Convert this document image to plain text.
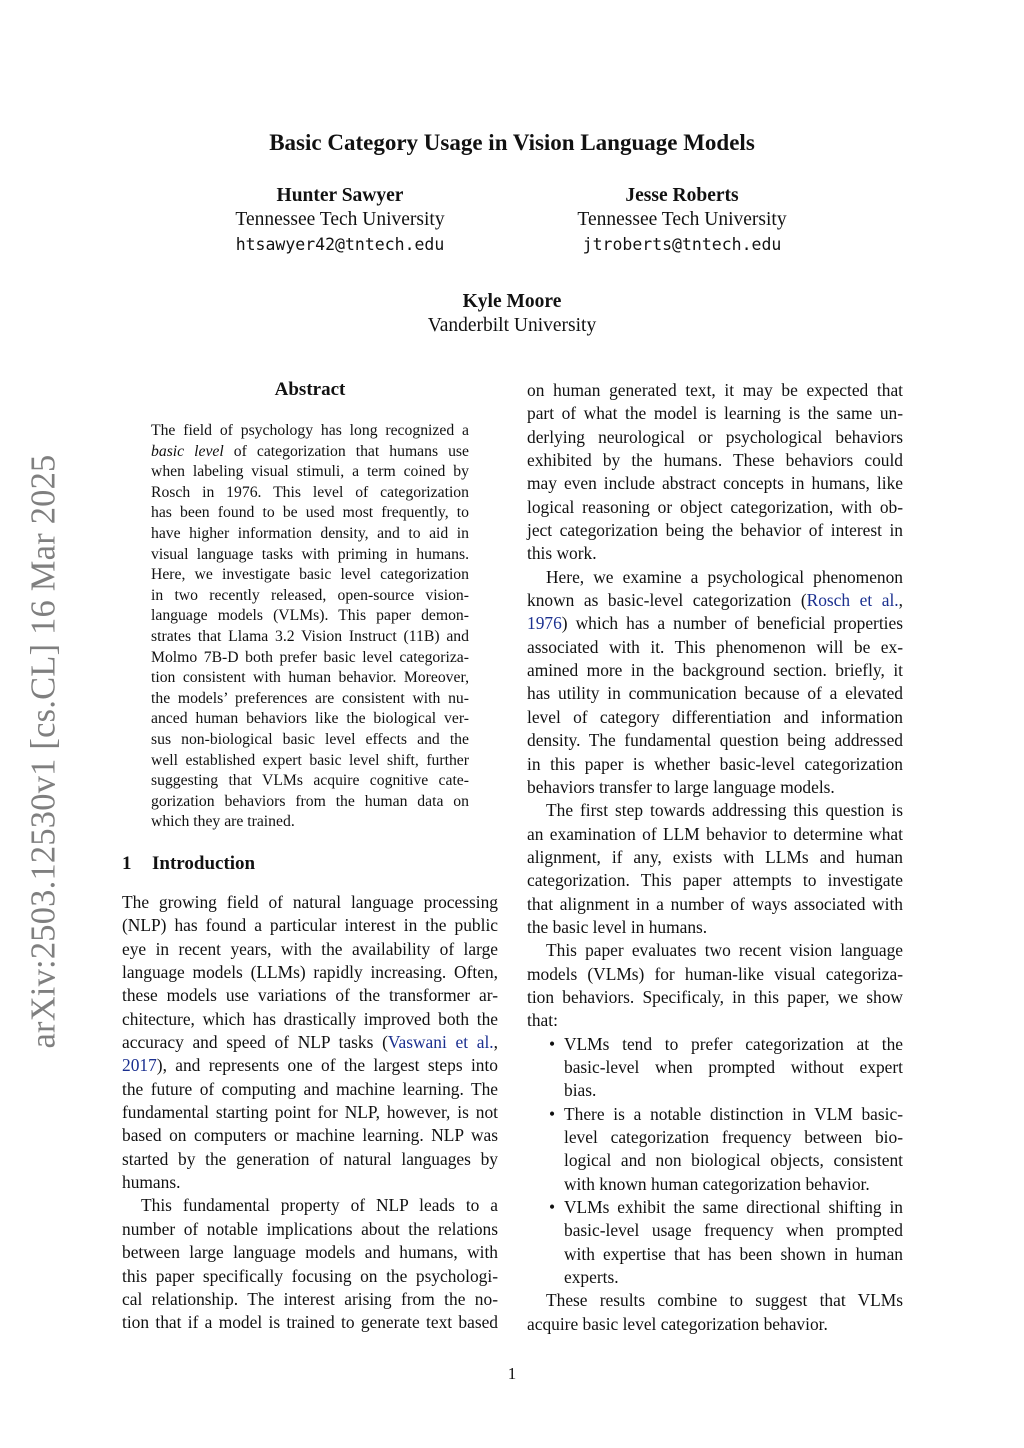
arXiv:2503.12530v1 [cs.CL] 16 Mar 2025
Basic Category Usage in Vision Language Models
Hunter Sawyer
Tennessee Tech University
htsawyer42@tntech.edu
Jesse Roberts
Tennessee Tech University
jtroberts@tntech.edu
Kyle Moore
Vanderbilt University
Abstract
The field of psychology has long recognized a
basic level of categorization that humans use
when labeling visual stimuli, a term coined by
Rosch in 1976. This level of categorization
has been found to be used most frequently, to
have higher information density, and to aid in
visual language tasks with priming in humans.
Here, we investigate basic level categorization
in two recently released, open-source vision-
language models (VLMs). This paper demon-
strates that Llama 3.2 Vision Instruct (11B) and
Molmo 7B-D both prefer basic level categoriza-
tion consistent with human behavior. Moreover,
the models’ preferences are consistent with nu-
anced human behaviors like the biological ver-
sus non-biological basic level effects and the
well established expert basic level shift, further
suggesting that VLMs acquire cognitive cate-
gorization behaviors from the human data on
which they are trained.
1 Introduction
The growing field of natural language processing
(NLP) has found a particular interest in the public
eye in recent years, with the availability of large
language models (LLMs) rapidly increasing. Often,
these models use variations of the transformer ar-
chitecture, which has drastically improved both the
accuracy and speed of NLP tasks (Vaswani et al.,
2017), and represents one of the largest steps into
the future of computing and machine learning. The
fundamental starting point for NLP, however, is not
based on computers or machine learning. NLP was
started by the generation of natural languages by
humans.
This fundamental property of NLP leads to a
number of notable implications about the relations
between large language models and humans, with
this paper specifically focusing on the psychologi-
cal relationship. The interest arising from the no-
tion that if a model is trained to generate text based
on human generated text, it may be expected that
part of what the model is learning is the same un-
derlying neurological or psychological behaviors
exhibited by the humans. These behaviors could
may even include abstract concepts in humans, like
logical reasoning or object categorization, with ob-
ject categorization being the behavior of interest in
this work.
Here, we examine a psychological phenomenon
known as basic-level categorization (Rosch et al.,
1976) which has a number of beneficial properties
associated with it. This phenomenon will be ex-
amined more in the background section. briefly, it
has utility in communication because of a elevated
level of category differentiation and information
density. The fundamental question being addressed
in this paper is whether basic-level categorization
behaviors transfer to large language models.
The first step towards addressing this question is
an examination of LLM behavior to determine what
alignment, if any, exists with LLMs and human
categorization. This paper attempts to investigate
that alignment in a number of ways associated with
the basic level in humans.
This paper evaluates two recent vision language
models (VLMs) for human-like visual categoriza-
tion behaviors. Specificaly, in this paper, we show
that:
• VLMs tend to prefer categorization at the
basic-level when prompted without expert
bias.
• There is a notable distinction in VLM basic-
level categorization frequency between bio-
logical and non biological objects, consistent
with known human categorization behavior.
• VLMs exhibit the same directional shifting in
basic-level usage frequency when prompted
with expertise that has been shown in human
experts.
These results combine to suggest that VLMs
acquire basic level categorization behavior.
1
